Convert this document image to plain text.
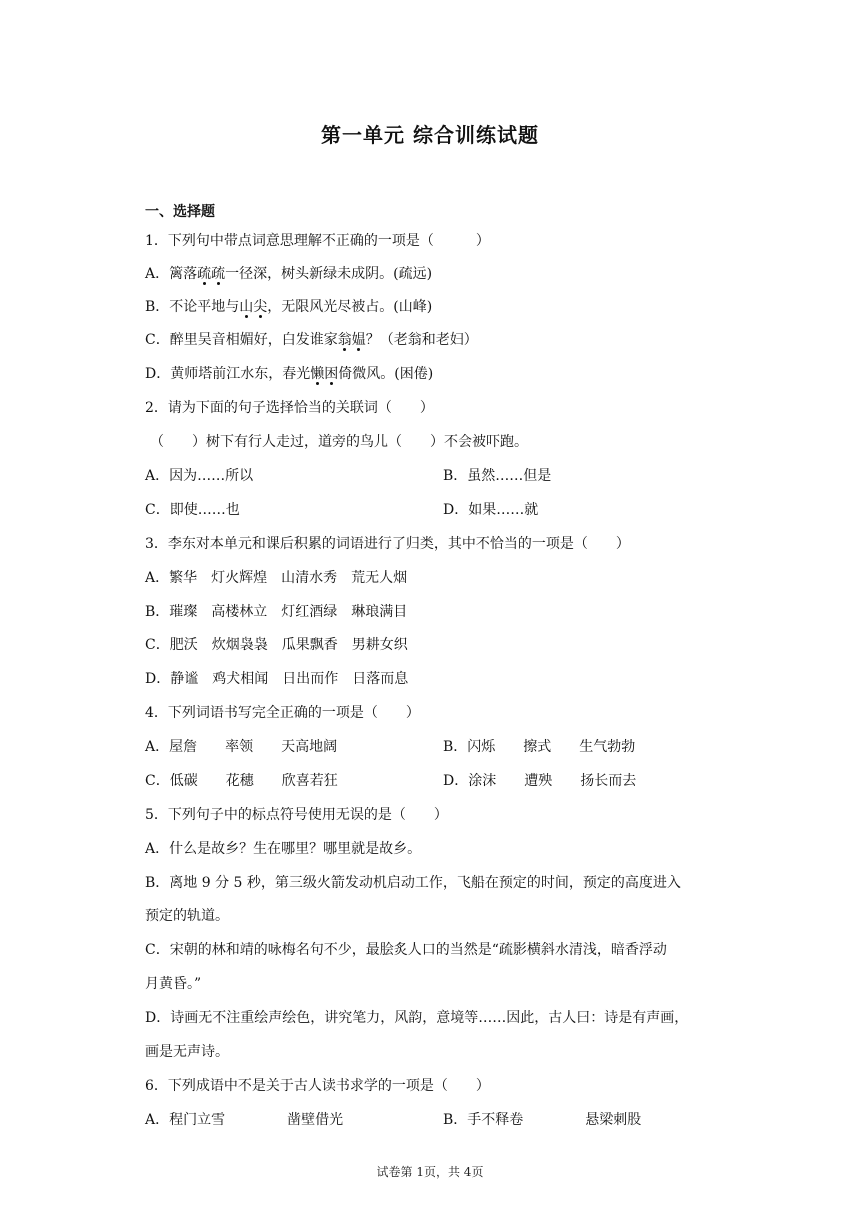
第一单元 综合训练试题
一、选择题
1．下列句中带点词意思理解不正确的一项是（　　　）
A．篱落疏疏一径深，树头新绿未成阴。(疏远)
B．不论平地与山尖，无限风光尽被占。(山峰)
C．醉里吴音相媚好，白发谁家翁媪？（老翁和老妇）
D．黄师塔前江水东，春光懒困倚微风。(困倦)
2．请为下面的句子选择恰当的关联词（　　）
（　　）树下有行人走过，道旁的鸟儿（　　）不会被吓跑。
A．因为……所以	B．虽然……但是
C．即使……也	D．如果……就
3．李东对本单元和课后积累的词语进行了归类，其中不恰当的一项是（　　）
A．繁华　灯火辉煌　山清水秀　荒无人烟
B．璀璨　高楼林立　灯红酒绿　琳琅满目
C．肥沃　炊烟袅袅　瓜果飘香　男耕女织
D．静谧　鸡犬相闻　日出而作　日落而息
4．下列词语书写完全正确的一项是（　　）
A．屋詹　　率领　　天高地阔	B．闪烁　　擦式　　生气勃勃
C．低碳　　花穗　　欣喜若狂	D．涂沫　　遭殃　　扬长而去
5．下列句子中的标点符号使用无误的是（　　）
A．什么是故乡？生在哪里？哪里就是故乡。
B．离地 9 分 5 秒，第三级火箭发动机启动工作，飞船在预定的时间，预定的高度进入
预定的轨道。
C．宋朝的林和靖的咏梅名句不少，最脍炙人口的当然是“疏影横斜水清浅，暗香浮动
月黄昏。”
D．诗画无不注重绘声绘色，讲究笔力，风韵，意境等……因此，古人曰：诗是有声画，
画是无声诗。
6．下列成语中不是关于古人读书求学的一项是（　　）
A．程门立雪	凿壁借光	B．手不释卷	悬梁刺股
试卷第 1页，共 4页
